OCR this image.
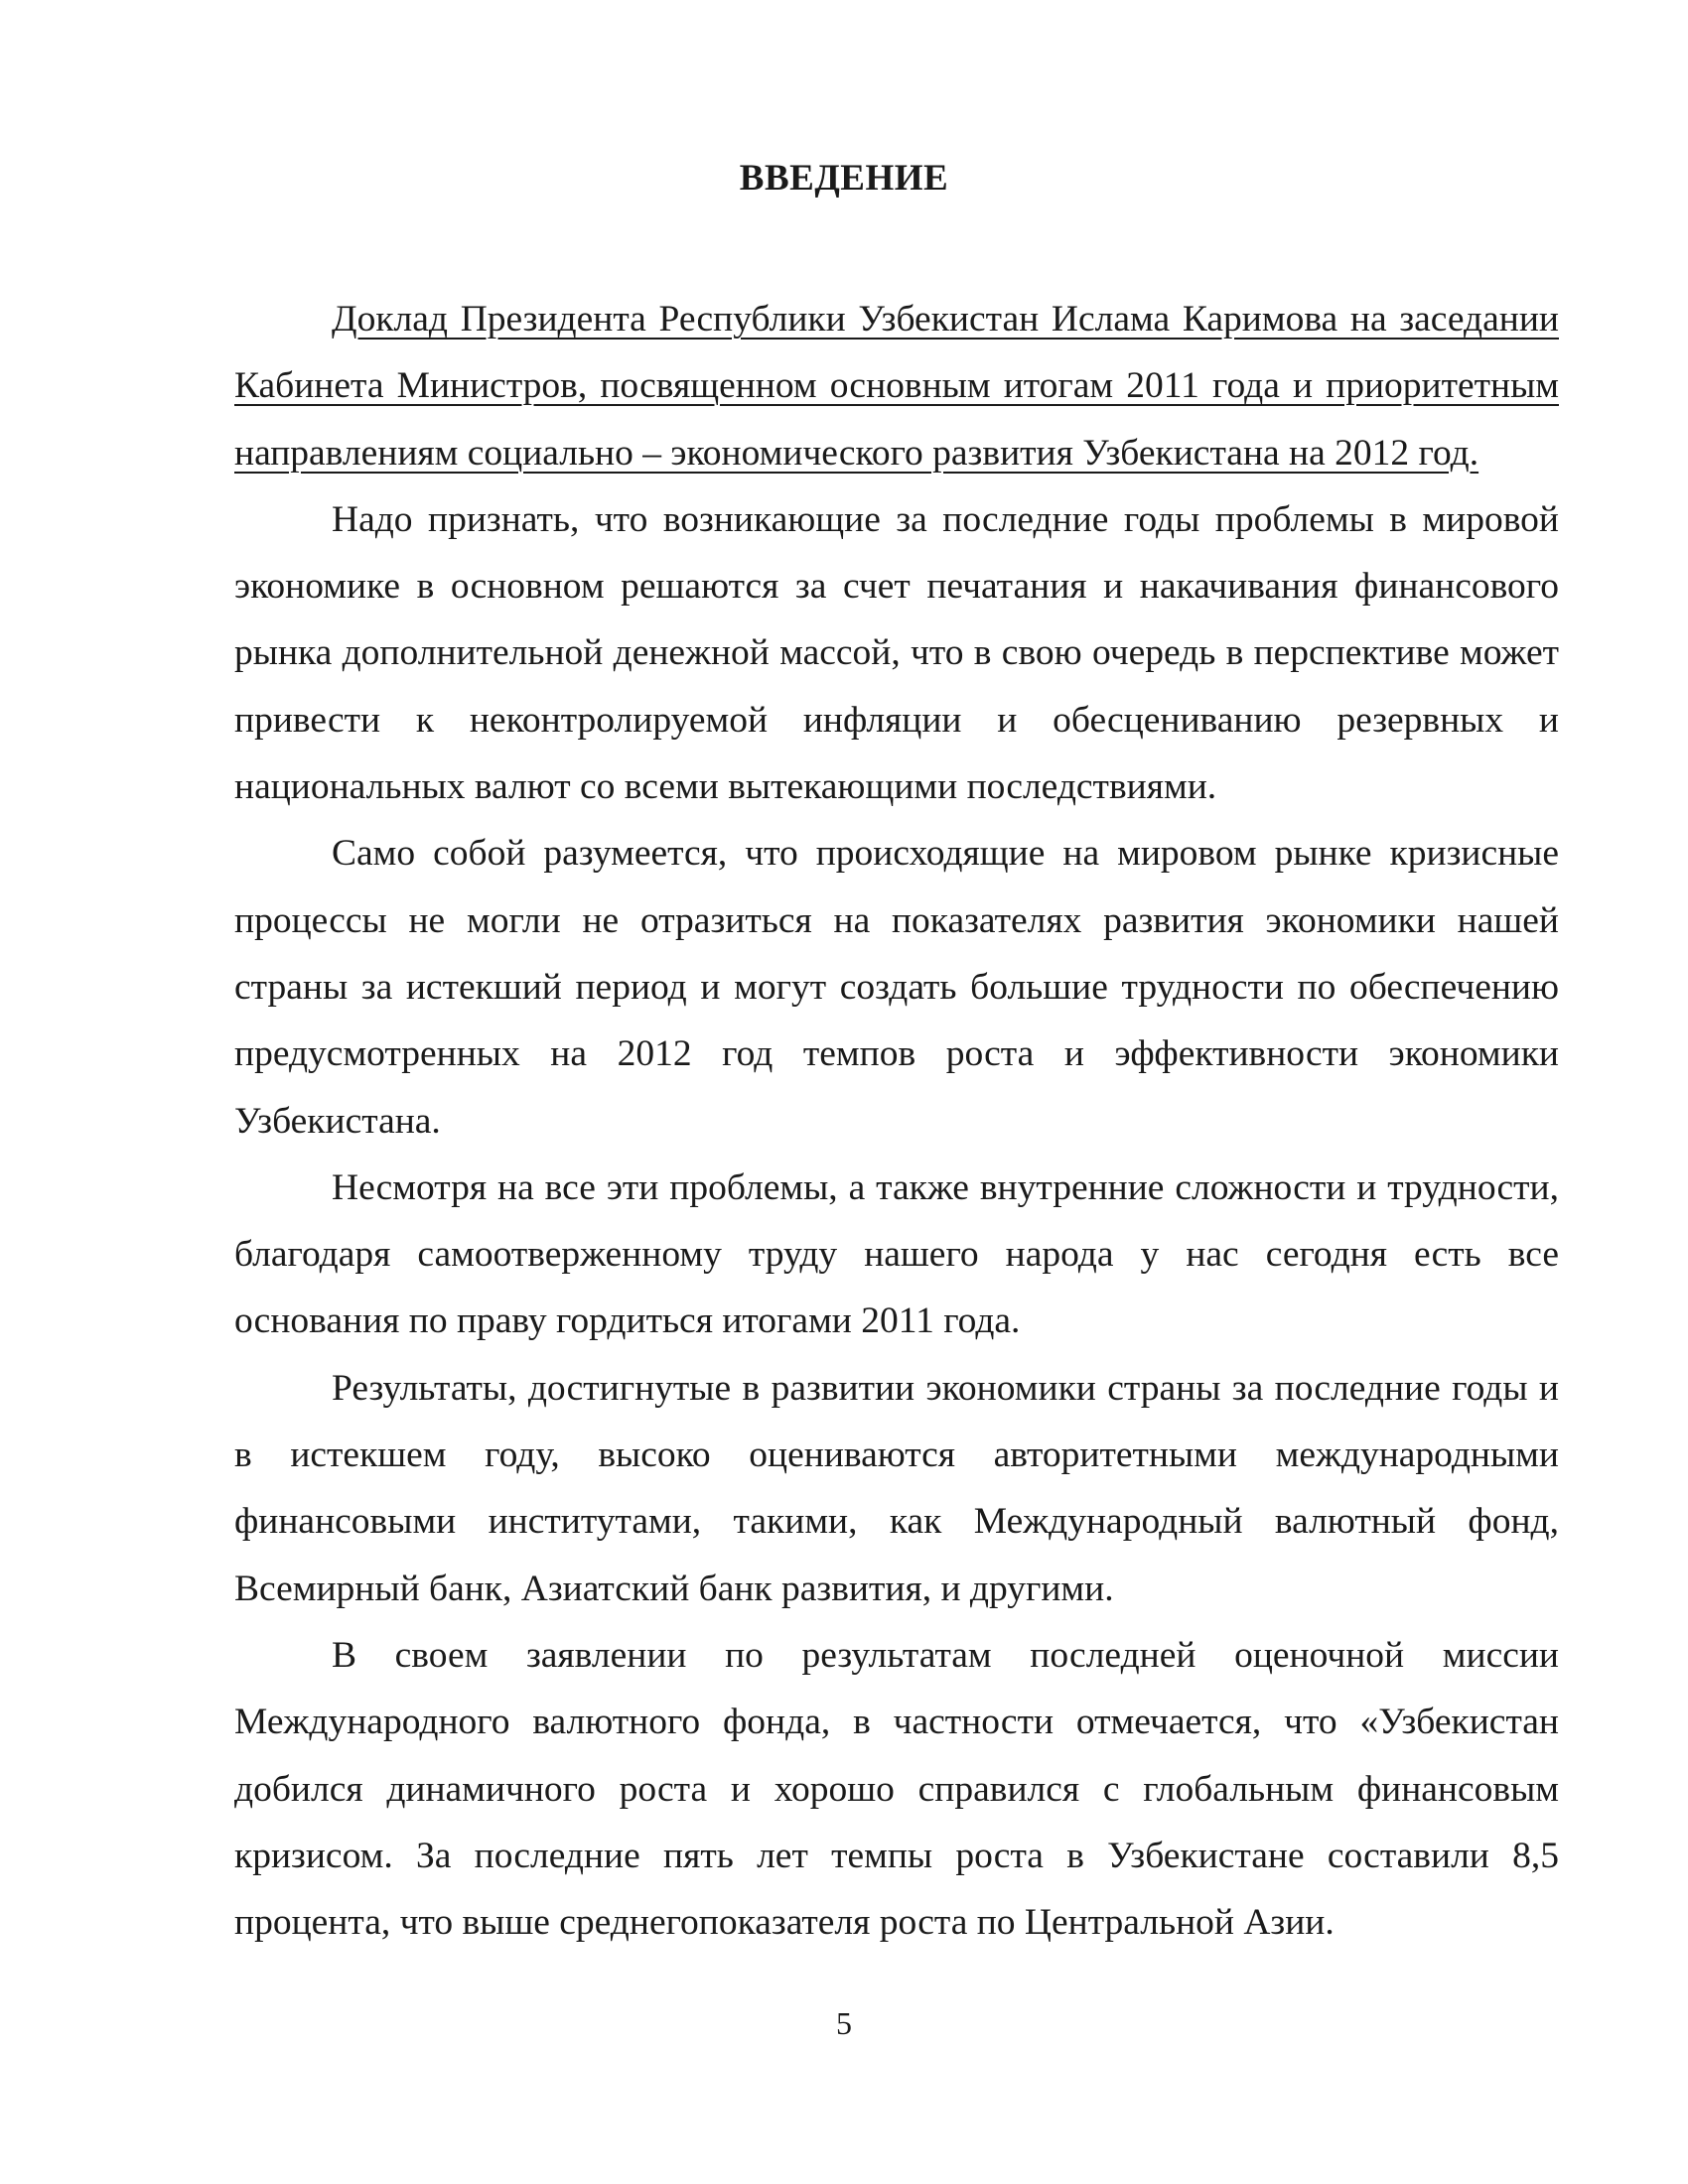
ВВЕДЕНИЕ

Доклад Президента Республики Узбекистан Ислама Каримова на заседании Кабинета Министров, посвященном основным итогам 2011 года и приоритетным направлениям социально – экономического развития Узбекистана на 2012 год.

Надо признать, что возникающие за последние годы проблемы в мировой экономике в основном решаются за счет печатания и накачивания финансового рынка дополнительной денежной массой, что в свою очередь в перспективе может привести к неконтролируемой инфляции и обесцениванию резервных и национальных валют со всеми вытекающими последствиями.

Само собой разумеется, что происходящие на мировом рынке кризисные процессы не могли не отразиться на показателях развития экономики нашей страны за истекший период и могут создать большие трудности по обеспечению предусмотренных на 2012 год темпов роста и эффективности экономики Узбекистана.

Несмотря на все эти проблемы, а также внутренние сложности и трудности, благодаря самоотверженному труду нашего народа у нас сегодня есть все основания по праву гордиться итогами 2011 года.

Результаты, достигнутые в развитии экономики страны за последние годы и в истекшем году, высоко оцениваются авторитетными международными финансовыми институтами, такими, как Международный валютный фонд, Всемирный банк, Азиатский банк развития, и другими.

В своем заявлении по результатам последней оценочной миссии Международного валютного фонда, в частности отмечается, что «Узбекистан добился динамичного роста и хорошо справился с глобальным финансовым кризисом. За последние пять лет темпы роста в Узбекистане составили 8,5 процента, что выше среднегопоказателя роста по Центральной Азии.

5
